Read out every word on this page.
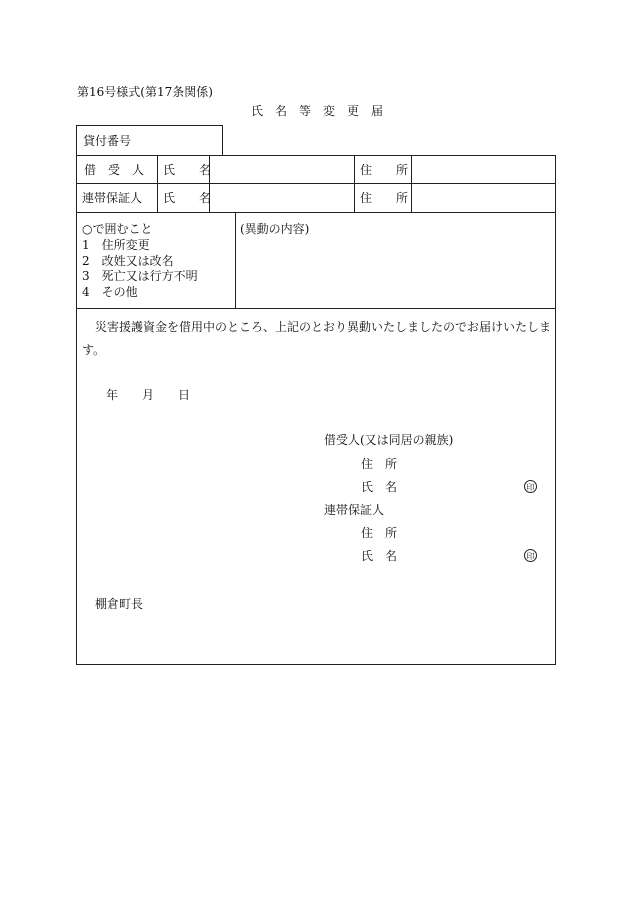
第16号様式(第17条関係)
氏　名　等　変　更　届
貸付番号
借　受　人 氏　　名	住　　所
連帯保証人 氏　　名	住　　所
○で囲むこと
1　住所変更
2　改姓又は改名
3　死亡又は行方不明
4　その他
(異動の内容)
災害援護資金を借用中のところ、上記のとおり異動いたしましたのでお届けいたしま
す。
年 月 日
借受人(又は同居の親族)
住　所
氏　名	印
連帯保証人
住　所
氏　名	印
棚倉町長
